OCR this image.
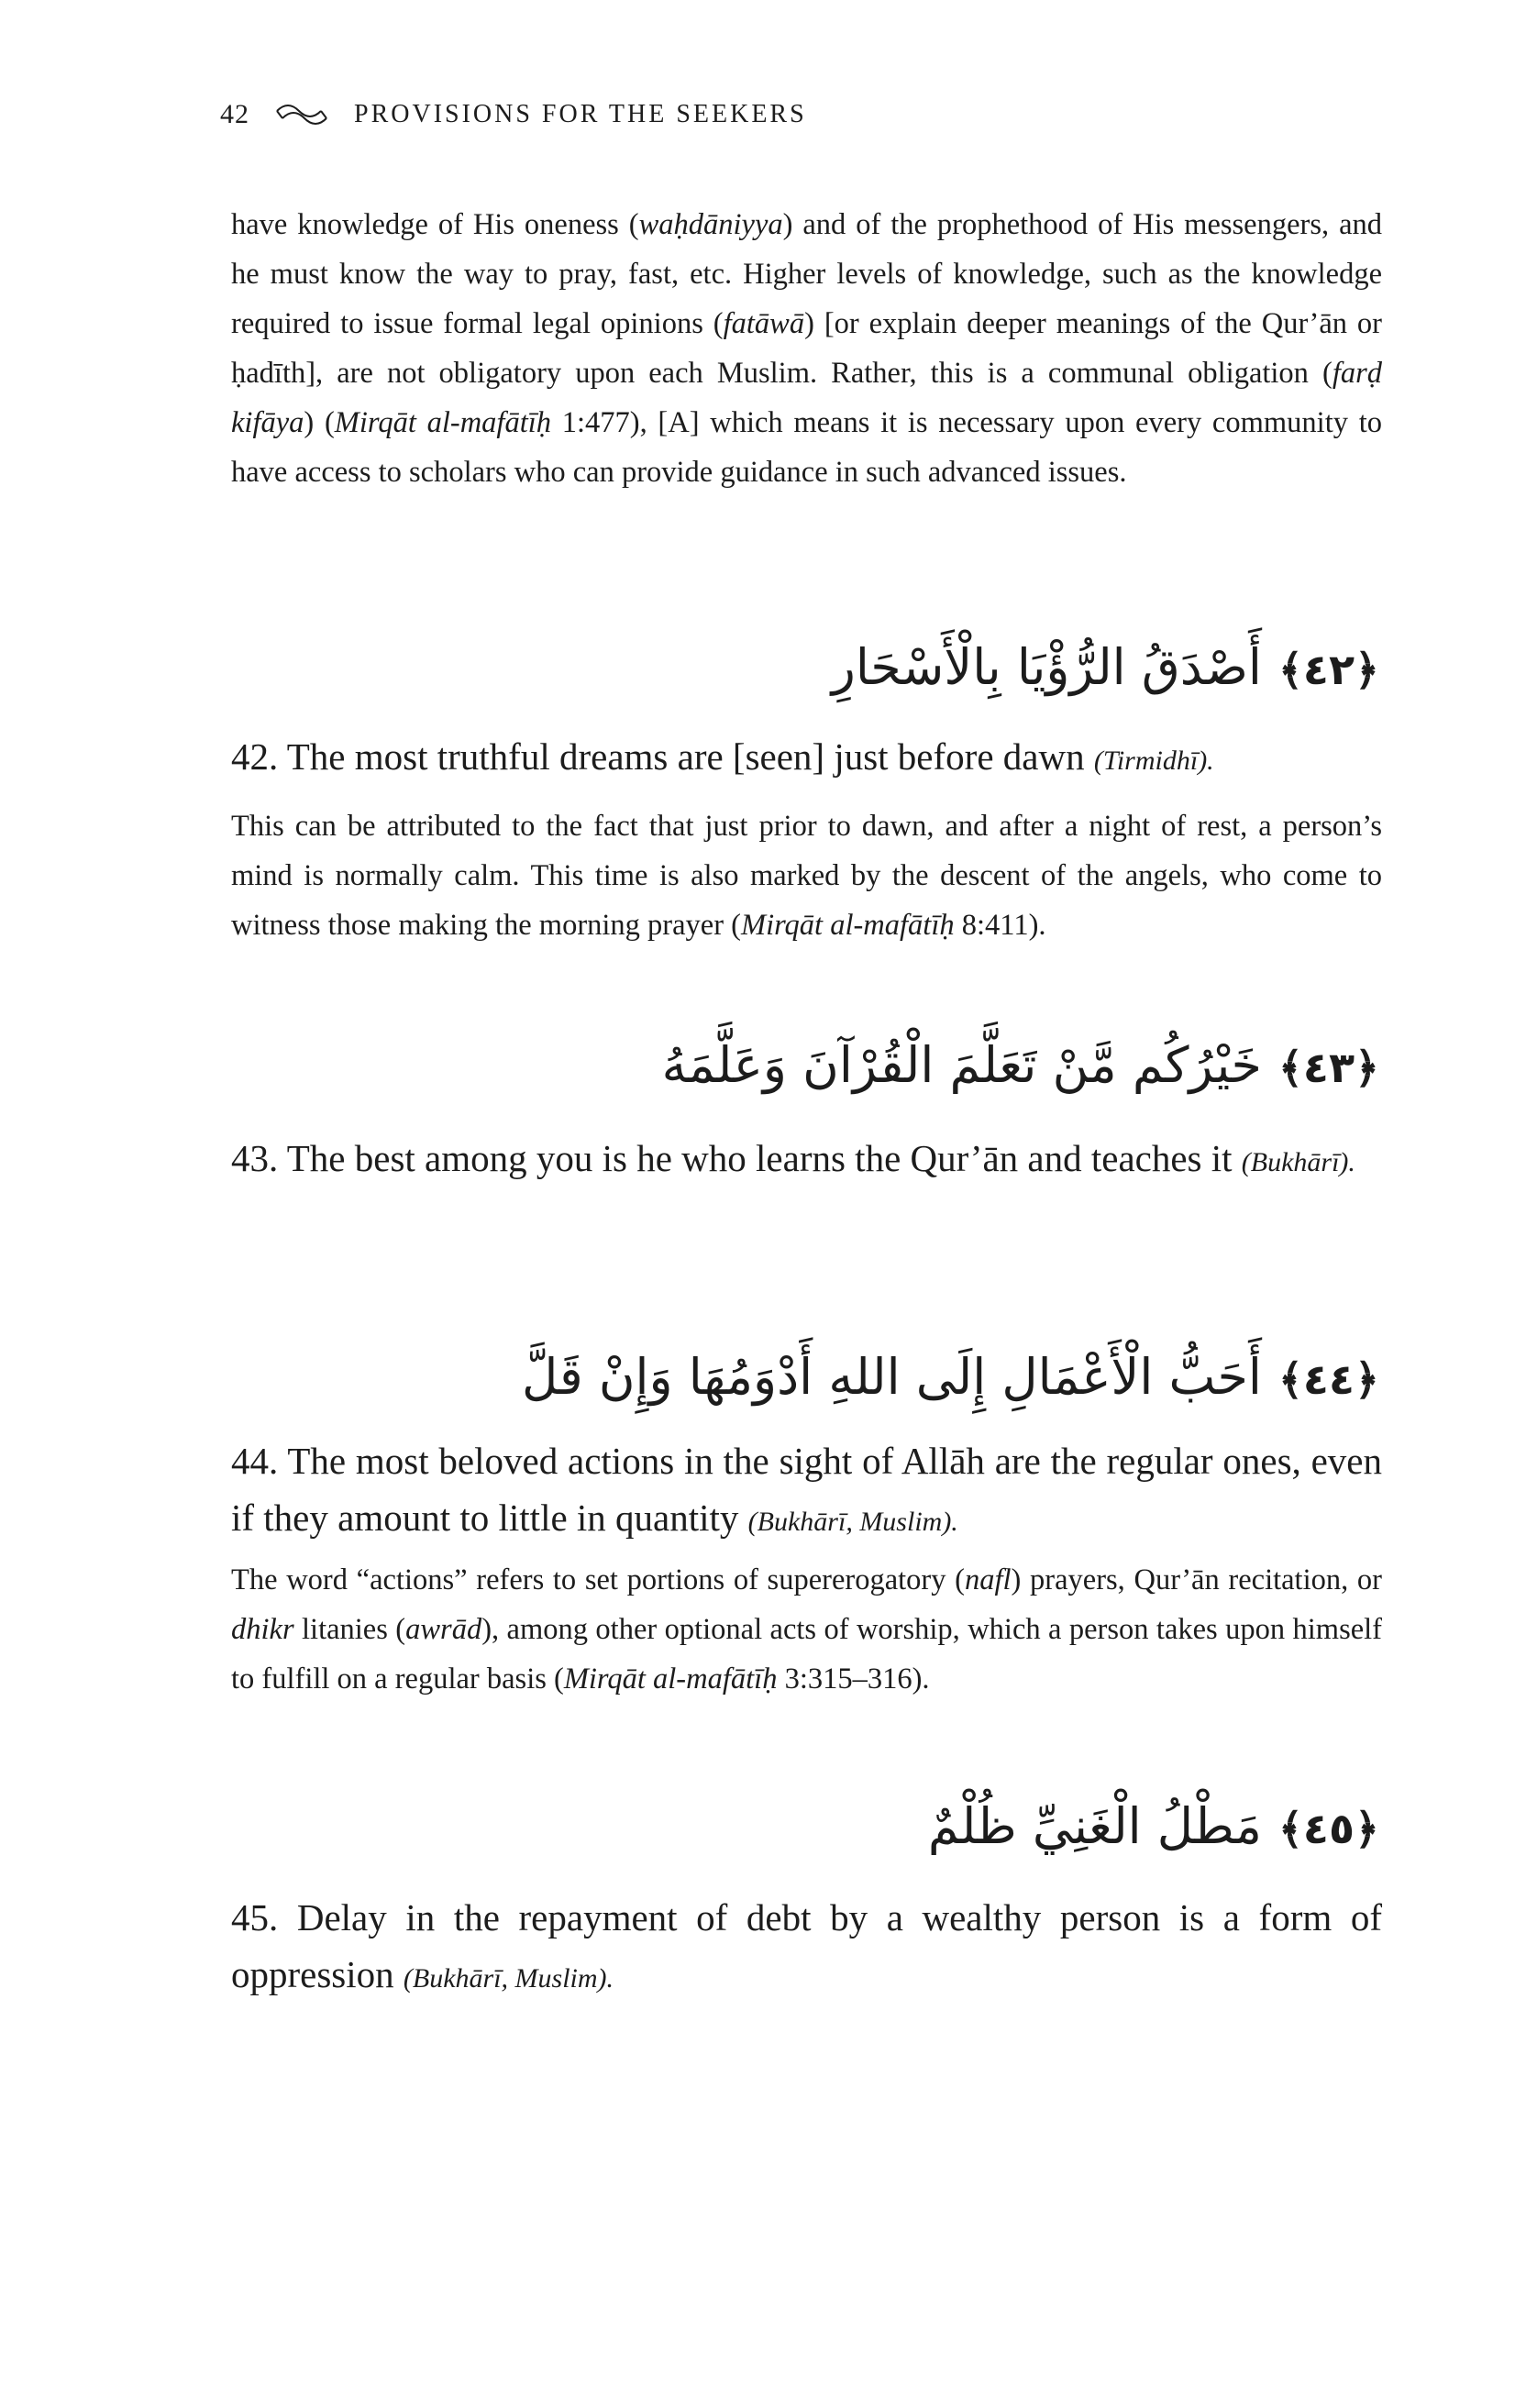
42	PROVISIONS FOR THE SEEKERS

have knowledge of His oneness (waḥdāniyya) and of the prophethood of His messengers, and he must know the way to pray, fast, etc. Higher levels of knowledge, such as the knowledge required to issue formal legal opinions (fatāwā) [or explain deeper meanings of the Qur’ān or ḥadīth], are not obligatory upon each Muslim. Rather, this is a communal obligation (farḍ kifāya) (Mirqāt al-mafātīḥ 1:477), [A] which means it is necessary upon every community to have access to scholars who can provide guidance in such advanced issues.

﴿٤٢﴾أَصْدَقُ الرُّؤْيَا بِالْأَسْحَارِ

42. The most truthful dreams are [seen] just before dawn (Tirmidhī).

This can be attributed to the fact that just prior to dawn, and after a night of rest, a person’s mind is normally calm. This time is also marked by the descent of the angels, who come to witness those making the morning prayer (Mirqāt al-mafātīḥ 8:411).

﴿٤٣﴾خَيْرُكُم مَّنْ تَعَلَّمَ الْقُرْآنَ وَعَلَّمَهُ

43. The best among you is he who learns the Qur’ān and teaches it (Bukhārī).

﴿٤٤﴾أَحَبُّ الْأَعْمَالِ إِلَى اللهِ أَدْوَمُهَا وَإِنْ قَلَّ

44. The most beloved actions in the sight of Allāh are the regular ones, even if they amount to little in quantity (Bukhārī, Muslim).

The word “actions” refers to set portions of supererogatory (nafl) prayers, Qur’ān recitation, or dhikr litanies (awrād), among other optional acts of worship, which a person takes upon himself to fulfill on a regular basis (Mirqāt al-mafātīḥ 3:315–316).

﴿٤٥﴾مَطْلُ الْغَنِيِّ ظُلْمٌ

45. Delay in the repayment of debt by a wealthy person is a form of oppression (Bukhārī, Muslim).
